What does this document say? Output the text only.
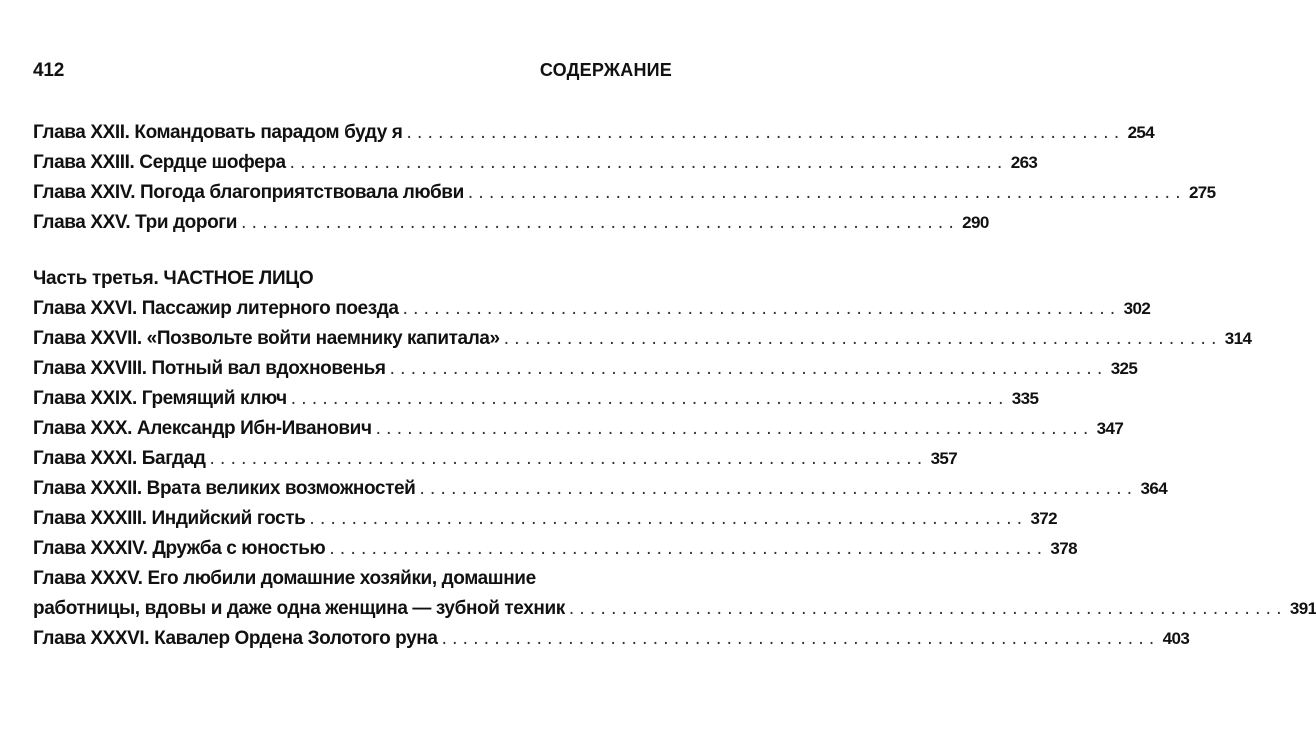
412	СОДЕРЖАНИЕ
Глава XXII. Командовать парадом буду я . . .	254
Глава XXIII. Сердце шофера . . .	263
Глава XXIV. Погода благоприятствовала любви . . .	275
Глава XXV. Три дороги . . .	290
Часть третья. ЧАСТНОЕ ЛИЦО
Глава XXVI. Пассажир литерного поезда . . .	302
Глава XXVII. «Позвольте войти наемнику капитала» . . .	314
Глава XXVIII. Потный вал вдохновенья . . .	325
Глава XXIX. Гремящий ключ . . .	335
Глава XXX. Александр Ибн-Иванович . . .	347
Глава XXXI. Багдад . . .	357
Глава XXXII. Врата великих возможностей . . .	364
Глава XXXIII. Индийский гость . . .	372
Глава XXXIV. Дружба с юностью . . .	378
Глава XXXV. Его любили домашние хозяйки, домашние
работницы, вдовы и даже одна женщина — зубной техник . . .	391
Глава XXXVI. Кавалер Ордена Золотого руна . . .	403
